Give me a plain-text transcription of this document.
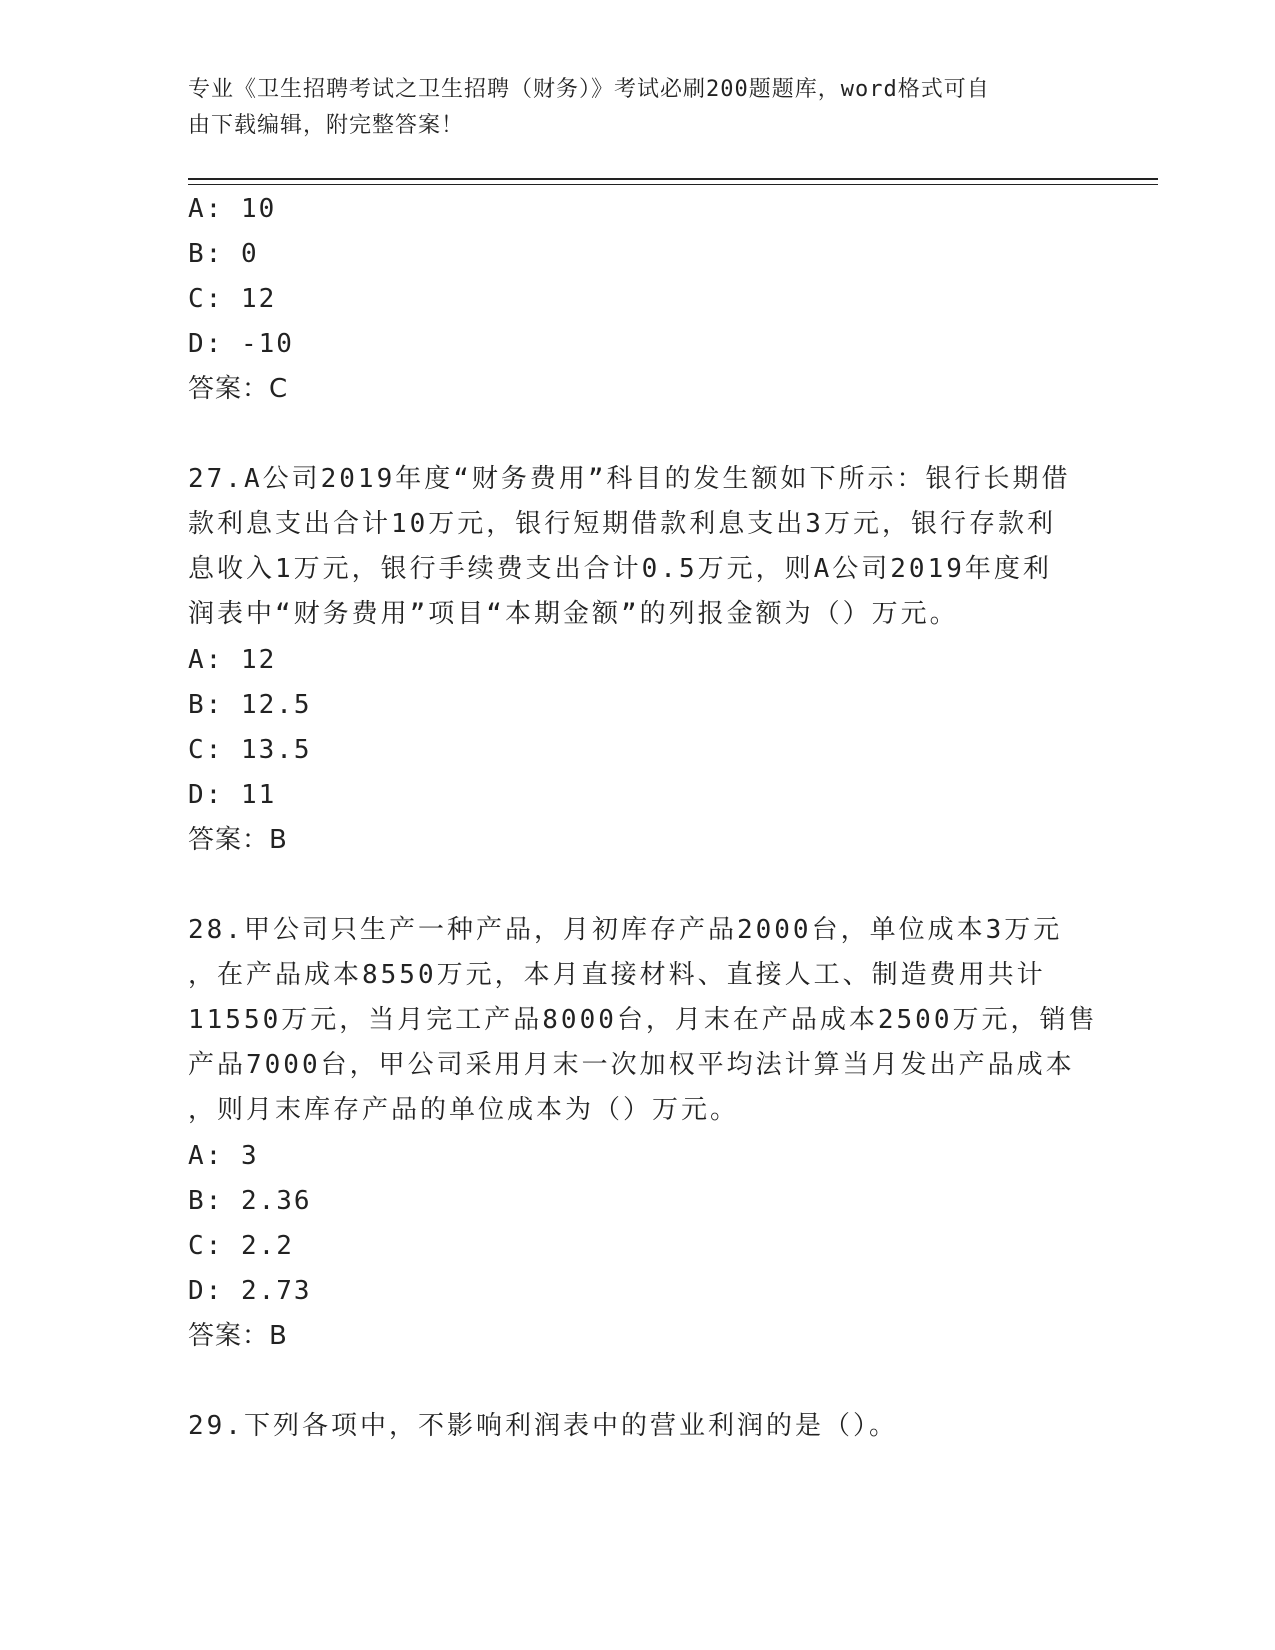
专业《卫生招聘考试之卫生招聘（财务）》考试必刷200题题库，word格式可自
由下载编辑，附完整答案！
A: 10
B: 0
C: 12
D: -10
答案：C
27.A公司2019年度“财务费用”科目的发生额如下所示：银行长期借
款利息支出合计10万元，银行短期借款利息支出3万元，银行存款利
息收入1万元，银行手续费支出合计0.5万元，则A公司2019年度利
润表中“财务费用”项目“本期金额”的列报金额为（）万元。
A: 12
B: 12.5
C: 13.5
D: 11
答案：B
28.甲公司只生产一种产品，月初库存产品2000台，单位成本3万元
，在产品成本8550万元，本月直接材料、直接人工、制造费用共计
11550万元，当月完工产品8000台，月末在产品成本2500万元，销售
产品7000台，甲公司采用月末一次加权平均法计算当月发出产品成本
，则月末库存产品的单位成本为（）万元。
A: 3
B: 2.36
C: 2.2
D: 2.73
答案：B
29.下列各项中，不影响利润表中的营业利润的是（）。
